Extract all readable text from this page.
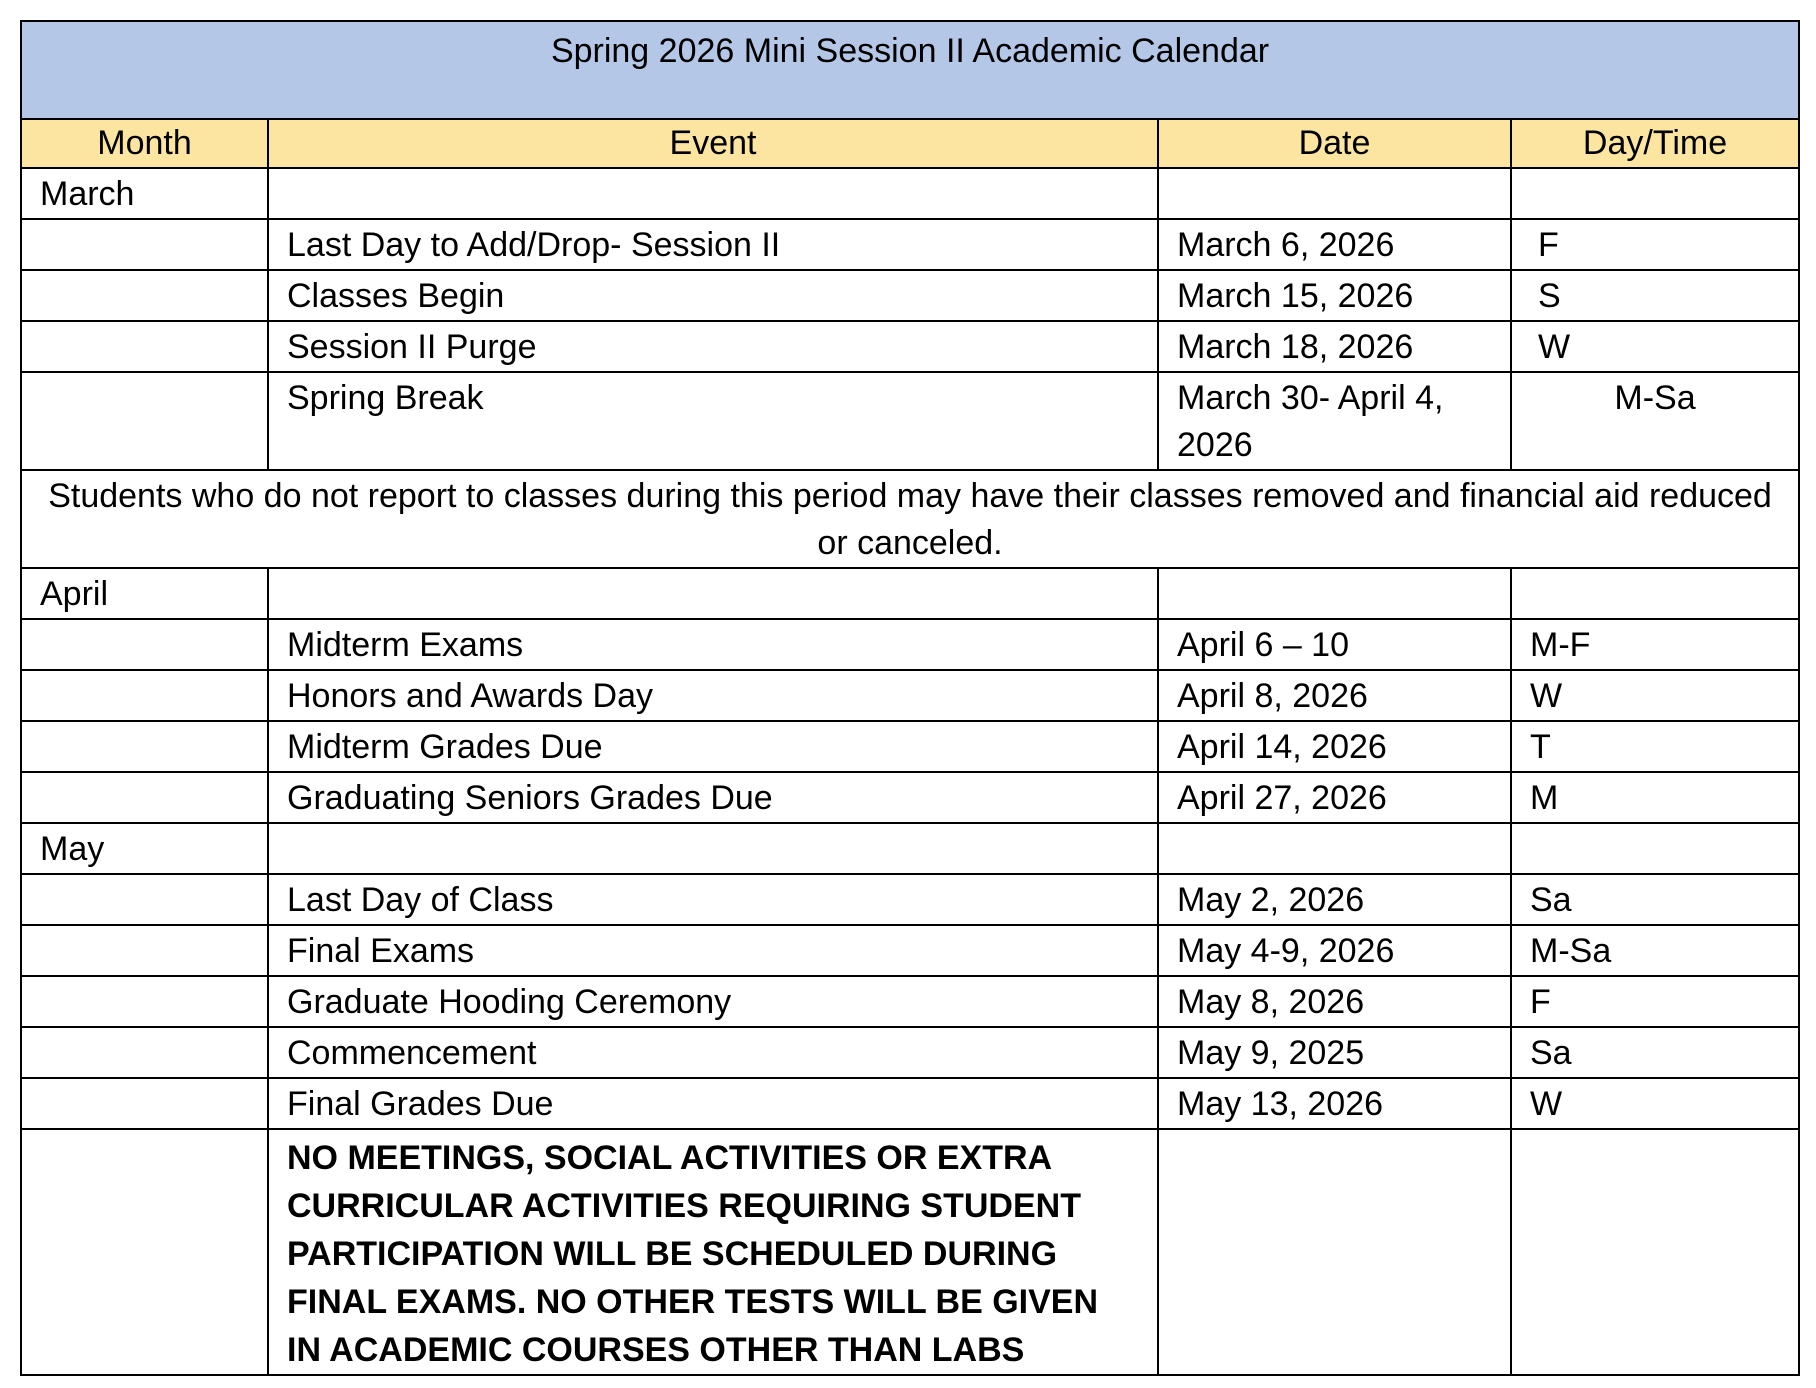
Spring 2026 Mini Session II Academic Calendar			
Month	Event	Date	Day/Time
March			
	Last Day to Add/Drop- Session II	March 6, 2026	F
	Classes Begin	March 15, 2026	S
	Session II Purge	March 18, 2026	W
	Spring Break	March 30- April 4, 2026	M-Sa
Students who do not report to classes during this period may have their classes removed and financial aid reduced or canceled.			
April			
	Midterm Exams	April 6 – 10	M-F
	Honors and Awards Day	April 8, 2026	W
	Midterm Grades Due	April 14, 2026	T
	Graduating Seniors Grades Due	April 27, 2026	M
May			
	Last Day of Class	May 2, 2026	Sa
	Final Exams	May 4-9, 2026	M-Sa
	Graduate Hooding Ceremony	May 8, 2026	F
	Commencement	May 9, 2025	Sa
	Final Grades Due	May 13, 2026	W
	NO MEETINGS, SOCIAL ACTIVITIES OR EXTRA CURRICULAR ACTIVITIES REQUIRING STUDENT PARTICIPATION WILL BE SCHEDULED DURING FINAL EXAMS. NO OTHER TESTS WILL BE GIVEN IN ACADEMIC COURSES OTHER THAN LABS		
